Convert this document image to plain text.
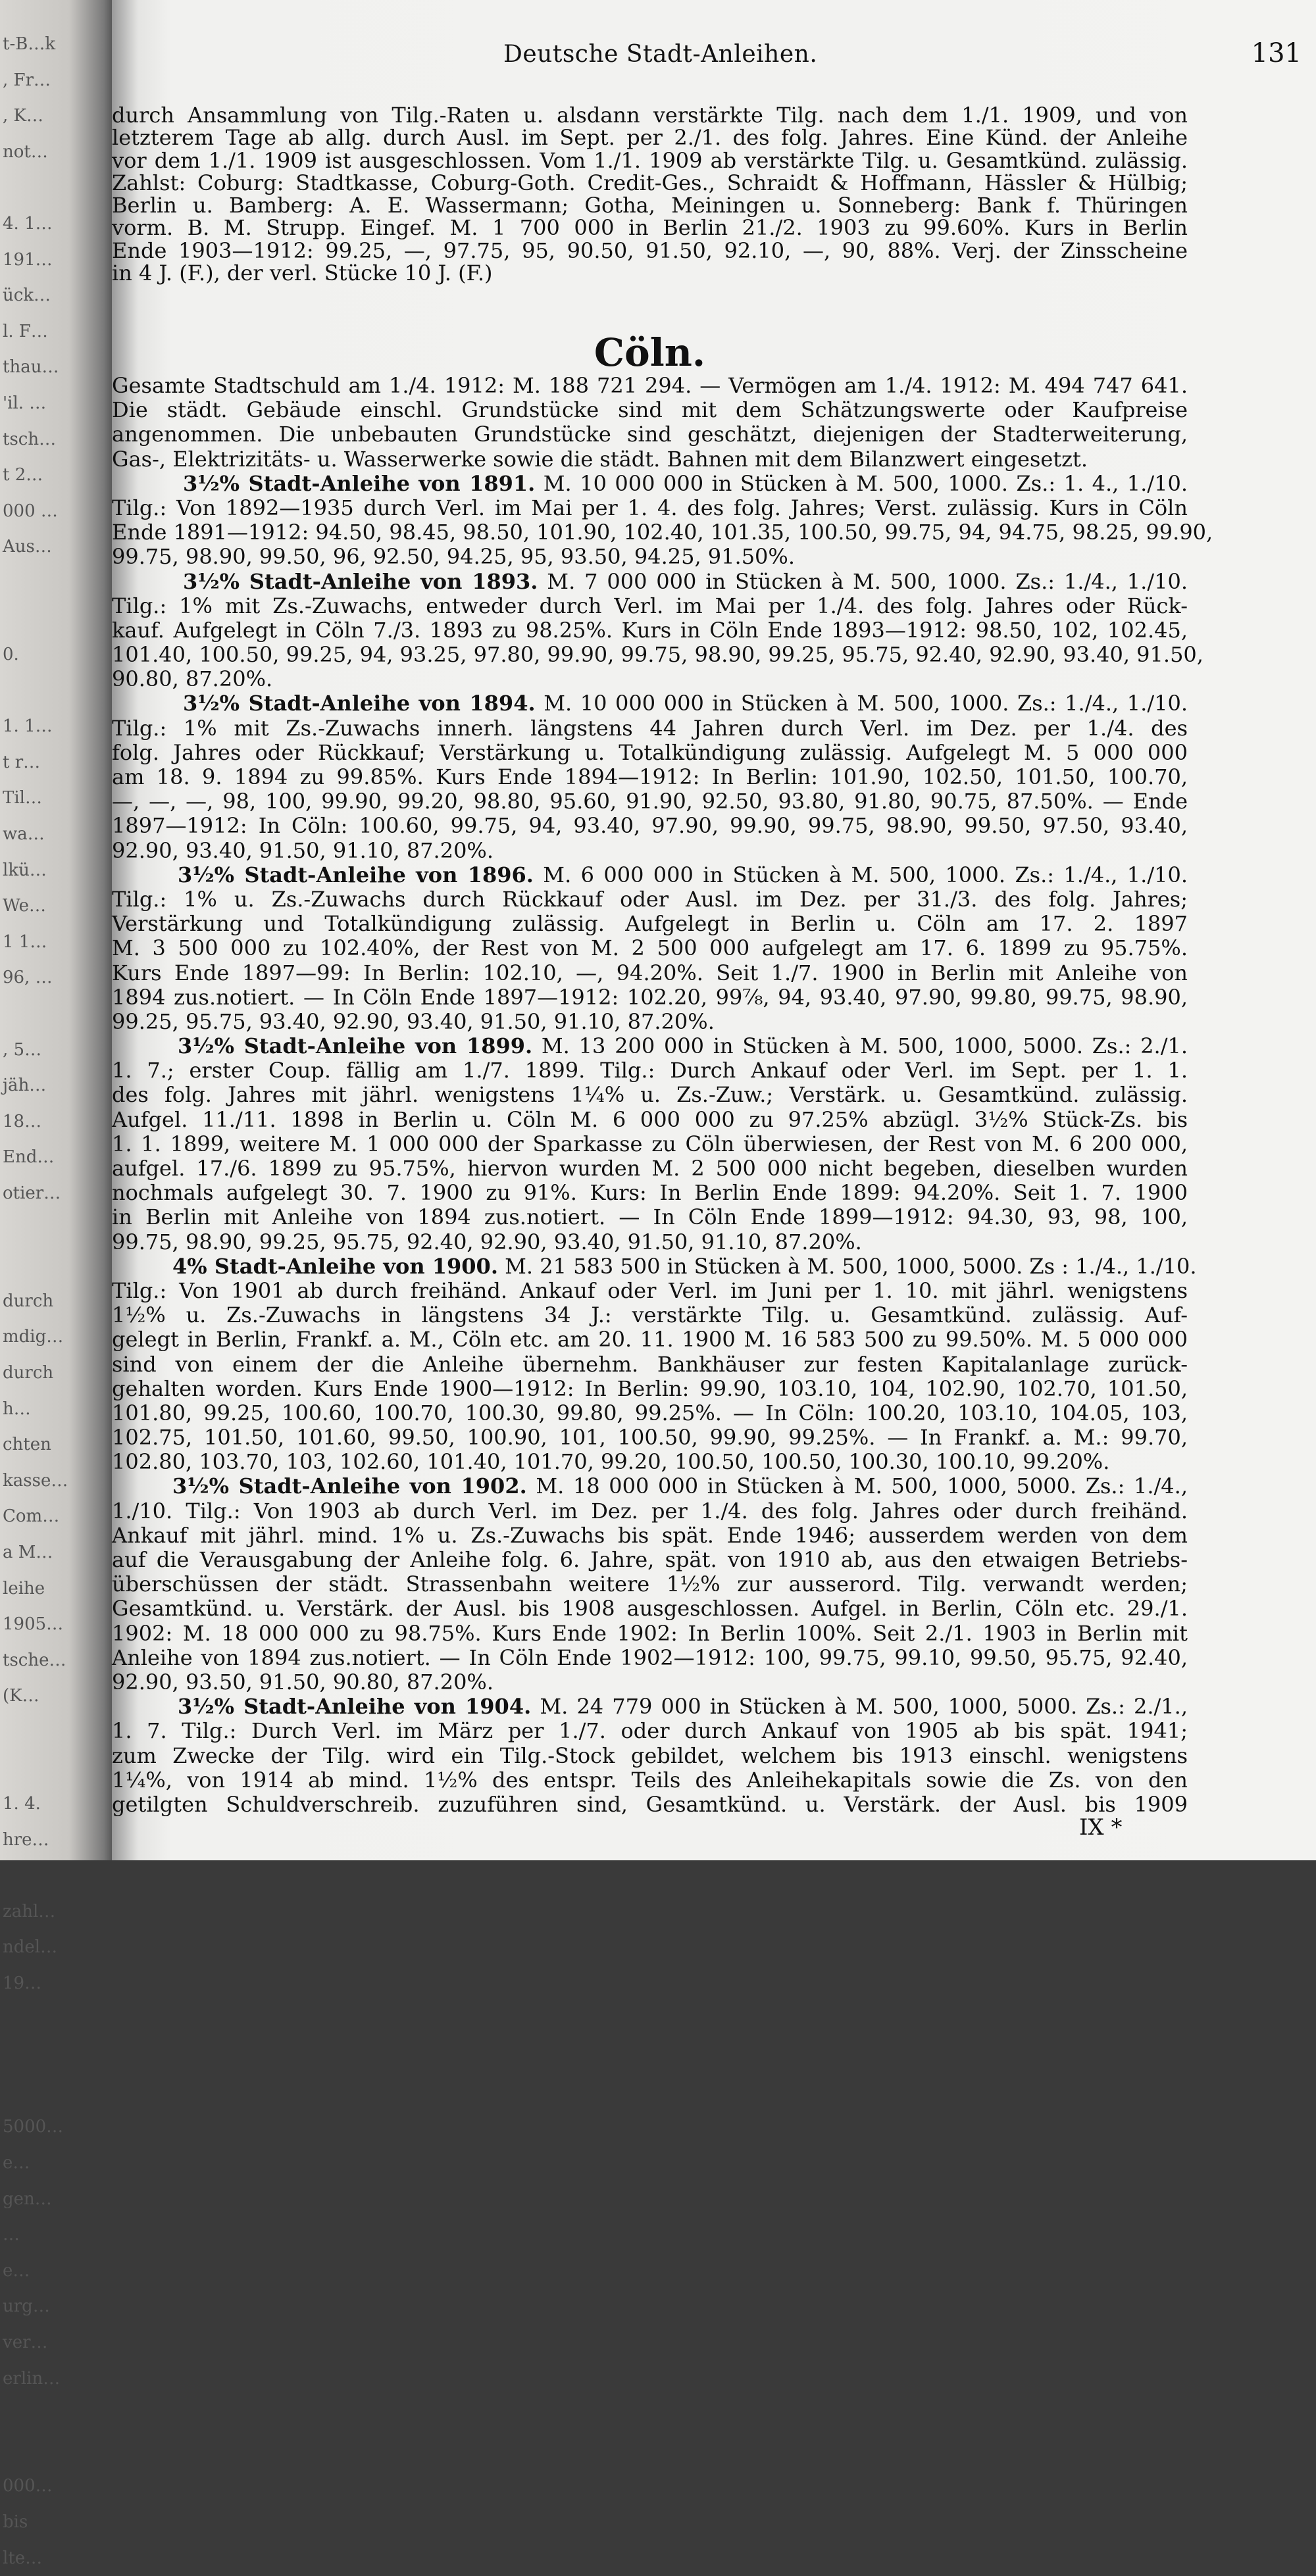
t-B…k
, Fr…
, K…
not…
4. 1…
191…
ück…
l. F…
thau…
'il. …
tsch…
t 2…
000 …
Aus…
0.
1. 1…
t r…
Til…
wa…
lkü…
We…
1 1…
96, …
, 5…
jäh…
18…
End…
otier…
durch
mdig…
durch
h…
chten
kasse…
Com…
a M…
leihe
1905…
tsche…
(K…
1. 4.
hre…
zahl…
ndel…
19…
5000…
e…
gen…
…
e…
urg…
ver…
erlin…
000…
bis
lte…
Deutsche Stadt-Anleihen.	131
durch Ansammlung von Tilg.-Raten u. alsdann verstärkte Tilg. nach dem 1./1. 1909, und von
letzterem Tage ab allg. durch Ausl. im Sept. per 2./1. des folg. Jahres. Eine Künd. der Anleihe
vor dem 1./1. 1909 ist ausgeschlossen. Vom 1./1. 1909 ab verstärkte Tilg. u. Gesamtkünd. zulässig.
Zahlst: Coburg: Stadtkasse, Coburg-Goth. Credit-Ges., Schraidt & Hoffmann, Hässler & Hülbig;
Berlin u. Bamberg: A. E. Wassermann; Gotha, Meiningen u. Sonneberg: Bank f. Thüringen
vorm. B. M. Strupp. Eingef. M. 1 700 000 in Berlin 21./2. 1903 zu 99.60%. Kurs in Berlin
Ende 1903—1912: 99.25, —, 97.75, 95, 90.50, 91.50, 92.10, —, 90, 88%. Verj. der Zinsscheine
in 4 J. (F.), der verl. Stücke 10 J. (F.)
Cöln.
Gesamte Stadtschuld am 1./4. 1912: M. 188 721 294. — Vermögen am 1./4. 1912: M. 494 747 641.
Die städt. Gebäude einschl. Grundstücke sind mit dem Schätzungswerte oder Kaufpreise
angenommen. Die unbebauten Grundstücke sind geschätzt, diejenigen der Stadterweiterung,
Gas-, Elektrizitäts- u. Wasserwerke sowie die städt. Bahnen mit dem Bilanzwert eingesetzt.
3½% Stadt-Anleihe von 1891. M. 10 000 000 in Stücken à M. 500, 1000. Zs.: 1. 4., 1./10.
Tilg.: Von 1892—1935 durch Verl. im Mai per 1. 4. des folg. Jahres; Verst. zulässig. Kurs in Cöln
Ende 1891—1912: 94.50, 98.45, 98.50, 101.90, 102.40, 101.35, 100.50, 99.75, 94, 94.75, 98.25, 99.90,
99.75, 98.90, 99.50, 96, 92.50, 94.25, 95, 93.50, 94.25, 91.50%.
3½% Stadt-Anleihe von 1893. M. 7 000 000 in Stücken à M. 500, 1000. Zs.: 1./4., 1./10.
Tilg.: 1% mit Zs.-Zuwachs, entweder durch Verl. im Mai per 1./4. des folg. Jahres oder Rück-
kauf. Aufgelegt in Cöln 7./3. 1893 zu 98.25%. Kurs in Cöln Ende 1893—1912: 98.50, 102, 102.45,
101.40, 100.50, 99.25, 94, 93.25, 97.80, 99.90, 99.75, 98.90, 99.25, 95.75, 92.40, 92.90, 93.40, 91.50,
90.80, 87.20%.
3½% Stadt-Anleihe von 1894. M. 10 000 000 in Stücken à M. 500, 1000. Zs.: 1./4., 1./10.
Tilg.: 1% mit Zs.-Zuwachs innerh. längstens 44 Jahren durch Verl. im Dez. per 1./4. des
folg. Jahres oder Rückkauf; Verstärkung u. Totalkündigung zulässig. Aufgelegt M. 5 000 000
am 18. 9. 1894 zu 99.85%. Kurs Ende 1894—1912: In Berlin: 101.90, 102.50, 101.50, 100.70,
—, —, —, 98, 100, 99.90, 99.20, 98.80, 95.60, 91.90, 92.50, 93.80, 91.80, 90.75, 87.50%. — Ende
1897—1912: In Cöln: 100.60, 99.75, 94, 93.40, 97.90, 99.90, 99.75, 98.90, 99.50, 97.50, 93.40,
92.90, 93.40, 91.50, 91.10, 87.20%.
3½% Stadt-Anleihe von 1896. M. 6 000 000 in Stücken à M. 500, 1000. Zs.: 1./4., 1./10.
Tilg.: 1% u. Zs.-Zuwachs durch Rückkauf oder Ausl. im Dez. per 31./3. des folg. Jahres;
Verstärkung und Totalkündigung zulässig. Aufgelegt in Berlin u. Cöln am 17. 2. 1897
M. 3 500 000 zu 102.40%, der Rest von M. 2 500 000 aufgelegt am 17. 6. 1899 zu 95.75%.
Kurs Ende 1897—99: In Berlin: 102.10, —, 94.20%. Seit 1./7. 1900 in Berlin mit Anleihe von
1894 zus.notiert. — In Cöln Ende 1897—1912: 102.20, 99⅞, 94, 93.40, 97.90, 99.80, 99.75, 98.90,
99.25, 95.75, 93.40, 92.90, 93.40, 91.50, 91.10, 87.20%.
3½% Stadt-Anleihe von 1899. M. 13 200 000 in Stücken à M. 500, 1000, 5000. Zs.: 2./1.
1. 7.; erster Coup. fällig am 1./7. 1899. Tilg.: Durch Ankauf oder Verl. im Sept. per 1. 1.
des folg. Jahres mit jährl. wenigstens 1¼% u. Zs.-Zuw.; Verstärk. u. Gesamtkünd. zulässig.
Aufgel. 11./11. 1898 in Berlin u. Cöln M. 6 000 000 zu 97.25% abzügl. 3½% Stück-Zs. bis
1. 1. 1899, weitere M. 1 000 000 der Sparkasse zu Cöln überwiesen, der Rest von M. 6 200 000,
aufgel. 17./6. 1899 zu 95.75%, hiervon wurden M. 2 500 000 nicht begeben, dieselben wurden
nochmals aufgelegt 30. 7. 1900 zu 91%. Kurs: In Berlin Ende 1899: 94.20%. Seit 1. 7. 1900
in Berlin mit Anleihe von 1894 zus.notiert. — In Cöln Ende 1899—1912: 94.30, 93, 98, 100,
99.75, 98.90, 99.25, 95.75, 92.40, 92.90, 93.40, 91.50, 91.10, 87.20%.
4% Stadt-Anleihe von 1900. M. 21 583 500 in Stücken à M. 500, 1000, 5000. Zs : 1./4., 1./10.
Tilg.: Von 1901 ab durch freihänd. Ankauf oder Verl. im Juni per 1. 10. mit jährl. wenigstens
1½% u. Zs.-Zuwachs in längstens 34 J.: verstärkte Tilg. u. Gesamtkünd. zulässig. Auf-
gelegt in Berlin, Frankf. a. M., Cöln etc. am 20. 11. 1900 M. 16 583 500 zu 99.50%. M. 5 000 000
sind von einem der die Anleihe übernehm. Bankhäuser zur festen Kapitalanlage zurück-
gehalten worden. Kurs Ende 1900—1912: In Berlin: 99.90, 103.10, 104, 102.90, 102.70, 101.50,
101.80, 99.25, 100.60, 100.70, 100.30, 99.80, 99.25%. — In Cöln: 100.20, 103.10, 104.05, 103,
102.75, 101.50, 101.60, 99.50, 100.90, 101, 100.50, 99.90, 99.25%. — In Frankf. a. M.: 99.70,
102.80, 103.70, 103, 102.60, 101.40, 101.70, 99.20, 100.50, 100.50, 100.30, 100.10, 99.20%.
3½% Stadt-Anleihe von 1902. M. 18 000 000 in Stücken à M. 500, 1000, 5000. Zs.: 1./4.,
1./10. Tilg.: Von 1903 ab durch Verl. im Dez. per 1./4. des folg. Jahres oder durch freihänd.
Ankauf mit jährl. mind. 1% u. Zs.-Zuwachs bis spät. Ende 1946; ausserdem werden von dem
auf die Verausgabung der Anleihe folg. 6. Jahre, spät. von 1910 ab, aus den etwaigen Betriebs-
überschüssen der städt. Strassenbahn weitere 1½% zur ausserord. Tilg. verwandt werden;
Gesamtkünd. u. Verstärk. der Ausl. bis 1908 ausgeschlossen. Aufgel. in Berlin, Cöln etc. 29./1.
1902: M. 18 000 000 zu 98.75%. Kurs Ende 1902: In Berlin 100%. Seit 2./1. 1903 in Berlin mit
Anleihe von 1894 zus.notiert. — In Cöln Ende 1902—1912: 100, 99.75, 99.10, 99.50, 95.75, 92.40,
92.90, 93.50, 91.50, 90.80, 87.20%.
3½% Stadt-Anleihe von 1904. M. 24 779 000 in Stücken à M. 500, 1000, 5000. Zs.: 2./1.,
1. 7. Tilg.: Durch Verl. im März per 1./7. oder durch Ankauf von 1905 ab bis spät. 1941;
zum Zwecke der Tilg. wird ein Tilg.-Stock gebildet, welchem bis 1913 einschl. wenigstens
1¼%, von 1914 ab mind. 1½% des entspr. Teils des Anleihekapitals sowie die Zs. von den
getilgten Schuldverschreib. zuzuführen sind, Gesamtkünd. u. Verstärk. der Ausl. bis 1909
IX *
